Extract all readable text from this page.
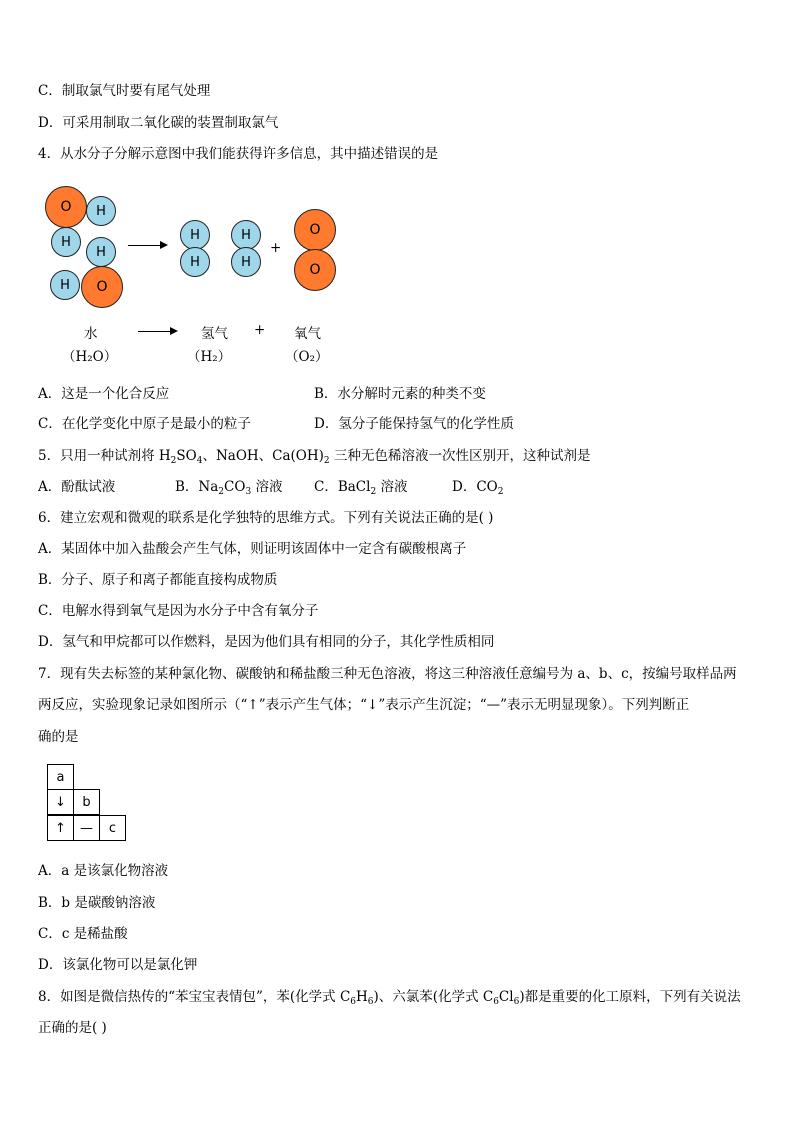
C．制取氯气时要有尾气处理
D．可采用制取二氧化碳的装置制取氯气
4．从水分子分解示意图中我们能获得许多信息，其中描述错误的是
O	H
H
H
H	O
H
H
H
H
+
O
O
水	氢气 + 氧气
（H₂O）	（H₂）	（O₂）
A．这是一个化合反应	B．水分解时元素的种类不变
C．在化学变化中原子是最小的粒子	D．氢分子能保持氢气的化学性质
5．只用一种试剂将 $H_2SO_4$、NaOH、$Ca(OH)_2$ 三种无色稀溶液一次性区别开，这种试剂是
A．酚酞试液	B．$Na_2CO_3$ 溶液 C．BaCl$_2$ 溶液	D．$CO_2$
6．建立宏观和微观的联系是化学独特的思维方式。下列有关说法正确的是( )
A．某固体中加入盐酸会产生气体，则证明该固体中一定含有碳酸根离子
B．分子、原子和离子都能直接构成物质
C．电解水得到氧气是因为水分子中含有氧分子
D．氢气和甲烷都可以作燃料，是因为他们具有相同的分子，其化学性质相同
7．现有失去标签的某种氯化物、碳酸钠和稀盐酸三种无色溶液，将这三种溶液任意编号为 a、b、c，按编号取样品两
两反应，实验现象记录如图所示（“↑”表示产生气体；“↓”表示产生沉淀；“—”表示无明显现象）。下列判断正
确的是
a
↓	b
↑	—	c
A．a 是该氯化物溶液
B．b 是碳酸钠溶液
C．c 是稀盐酸
D．该氯化物可以是氯化钾
8．如图是微信热传的“苯宝宝表情包”，苯(化学式 $C_6H_6$)、六氯苯(化学式 $C_6Cl_6$)都是重要的化工原料，下列有关说法
正确的是( )
